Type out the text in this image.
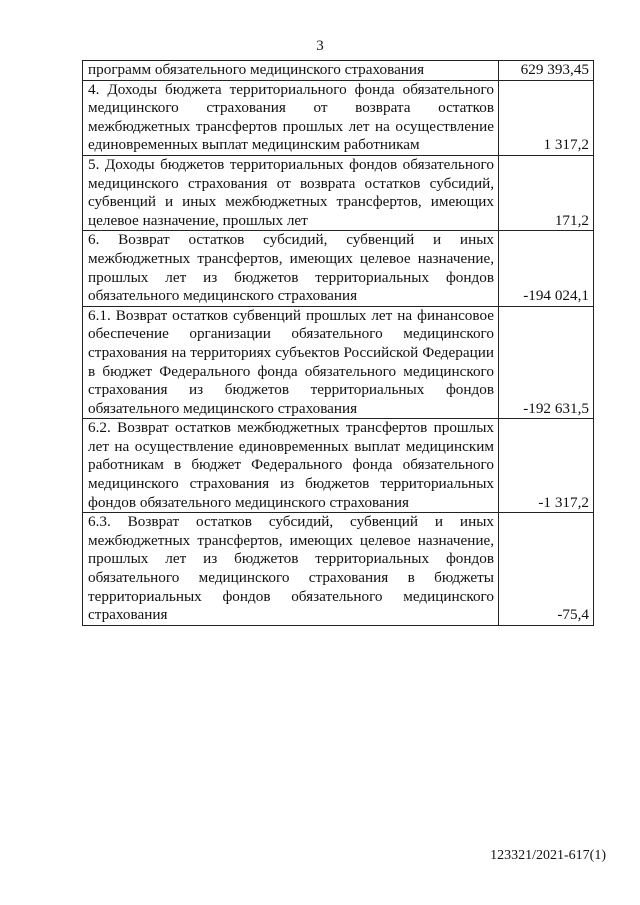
3
программ обязательного медицинского страхования	629 393,45
4. Доходы бюджета территориального фонда обязательного медицинского страхования от возврата остатков межбюджетных трансфертов прошлых лет на осуществление единовременных выплат медицинским работникам	1 317,2
5. Доходы бюджетов территориальных фондов обязательного медицинского страхования от возврата остатков субсидий, субвенций и иных межбюджетных трансфертов, имеющих целевое назначение, прошлых лет	171,2
6. Возврат остатков субсидий, субвенций и иных межбюджетных трансфертов, имеющих целевое назначение, прошлых лет из бюджетов территориальных фондов обязательного медицинского страхования	-194 024,1
6.1. Возврат остатков субвенций прошлых лет на финансовое обеспечение организации обязательного медицинского страхования на территориях субъектов Российской Федерации в бюджет Федерального фонда обязательного медицинского страхования из бюджетов территориальных фондов обязательного медицинского страхования	-192 631,5
6.2. Возврат остатков межбюджетных трансфертов прошлых лет на осуществление единовременных выплат медицинским работникам в бюджет Федерального фонда обязательного медицинского страхования из бюджетов территориальных фондов обязательного медицинского страхования	-1 317,2
6.3. Возврат остатков субсидий, субвенций и иных межбюджетных трансфертов, имеющих целевое назначение, прошлых лет из бюджетов территориальных фондов обязательного медицинского страхования в бюджеты территориальных фондов обязательного медицинского страхования	-75,4
123321/2021-617(1)
